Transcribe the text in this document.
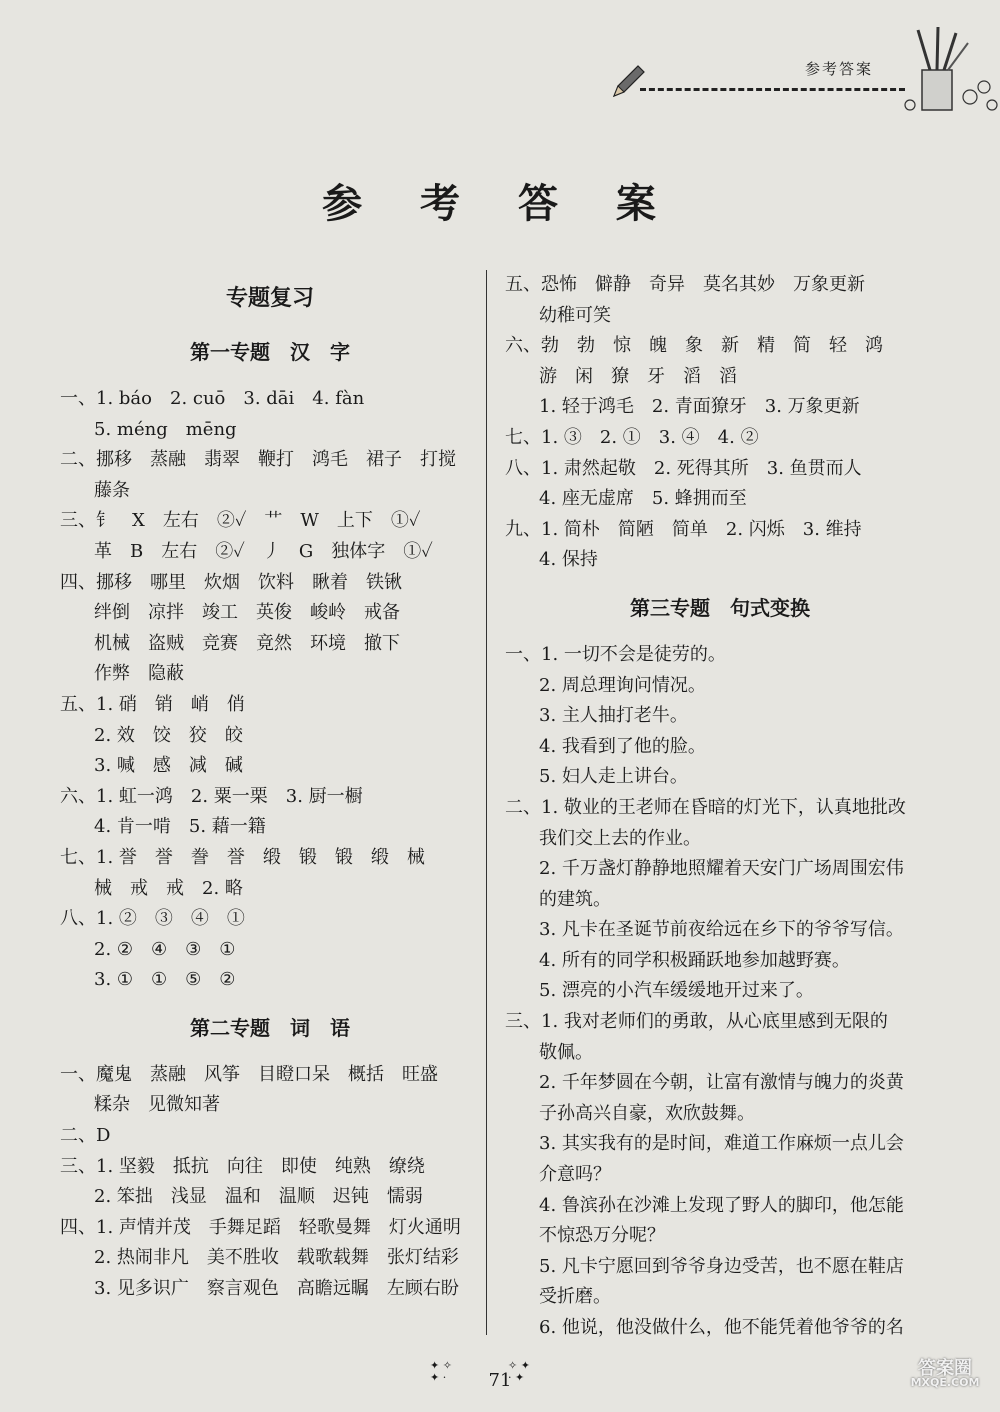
参考答案
参 考 答 案
专题复习
第一专题　汉　字
一、1. báo　2. cuō　3. dāi　4. fàn
5. méng　mēng
二、挪移　蒸融　翡翠　鞭打　鸿毛　裙子　打搅
藤条
三、钅　X　左右　②✓　艹　W　上下　①✓
革　B　左右　②✓　丿　G　独体字　①✓
四、挪移　哪里　炊烟　饮料　瞅着　铁锹
绊倒　凉拌　竣工　英俊　峻岭　戒备
机械　盗贼　竞赛　竟然　环境　撤下
作弊　隐蔽
五、1. 硝　销　峭　俏
2. 效　饺　狡　皎
3. 喊　感　减　碱
六、1. 虹一鸿　2. 粟一栗　3. 厨一橱
4. 肯一啃　5. 藉一籍
七、1. 誉　誉　誊　誉　缎　锻　锻　缎　械
械　戒　戒　2. 略
八、1. ②　③　④　①
2. ②　④　③　①
3. ①　①　⑤　②
第二专题　词　语
一、魔鬼　蒸融　风筝　目瞪口呆　概括　旺盛
糅杂　见微知著
二、D
三、1. 坚毅　抵抗　向往　即使　纯熟　缭绕
2. 笨拙　浅显　温和　温顺　迟钝　懦弱
四、1. 声情并茂　手舞足蹈　轻歌曼舞　灯火通明
2. 热闹非凡　美不胜收　载歌载舞　张灯结彩
3. 见多识广　察言观色　高瞻远瞩　左顾右盼
五、恐怖　僻静　奇异　莫名其妙　万象更新
幼稚可笑
六、勃　勃　惊　魄　象　新　精　简　轻　鸿
游　闲　獠　牙　滔　滔
1. 轻于鸿毛　2. 青面獠牙　3. 万象更新
七、1. ③　2. ①　3. ④　4. ②
八、1. 肃然起敬　2. 死得其所　3. 鱼贯而人
4. 座无虚席　5. 蜂拥而至
九、1. 简朴　简陋　简单　2. 闪烁　3. 维持
4. 保持
第三专题　句式变换
一、1. 一切不会是徒劳的。
2. 周总理询问情况。
3. 主人抽打老牛。
4. 我看到了他的脸。
5. 妇人走上讲台。
二、1. 敬业的王老师在昏暗的灯光下，认真地批改
我们交上去的作业。
2. 千万盏灯静静地照耀着天安门广场周围宏伟
的建筑。
3. 凡卡在圣诞节前夜给远在乡下的爷爷写信。
4. 所有的同学积极踊跃地参加越野赛。
5. 漂亮的小汽车缓缓地开过来了。
三、1. 我对老师们的勇敢，从心底里感到无限的
敬佩。
2. 千年梦圆在今朝，让富有激情与魄力的炎黄
子孙高兴自豪，欢欣鼓舞。
3. 其实我有的是时间，难道工作麻烦一点儿会
介意吗？
4. 鲁滨孙在沙滩上发现了野人的脚印，他怎能
不惊恐万分呢？
5. 凡卡宁愿回到爷爷身边受苦，也不愿在鞋店
受折磨。
6. 他说，他没做什么，他不能凭着他爷爷的名
✦ ✧
✦ ·	71
✧ ✦
· ✦	答案圈
MXQE.COM
